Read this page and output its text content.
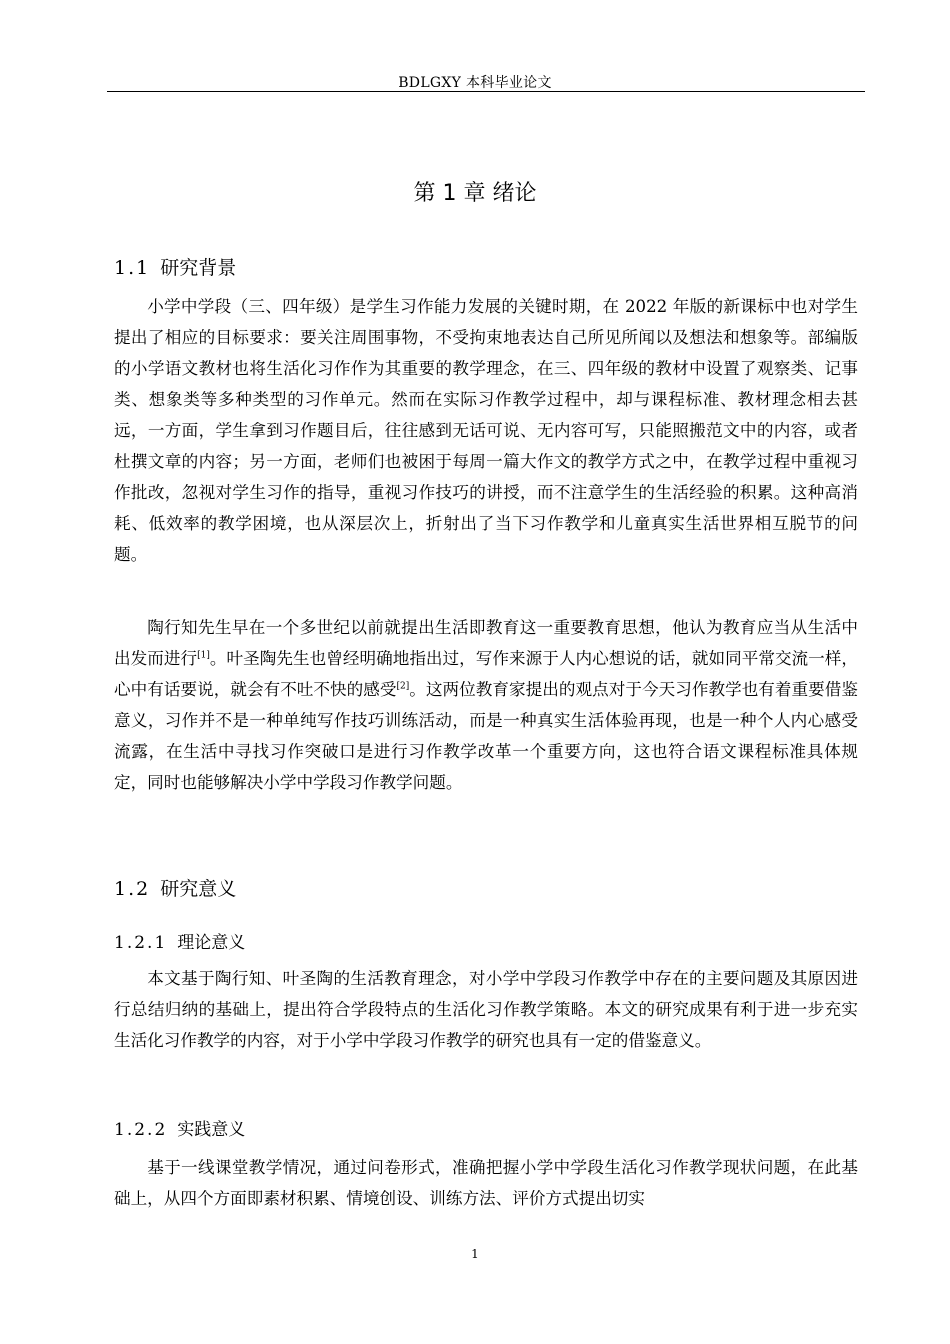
BDLGXY 本科毕业论文
第 1 章 绪论
1.1 研究背景
小学中学段（三、四年级）是学生习作能力发展的关键时期，在 2022 年版的新课标中也对学生提出了相应的目标要求：要关注周围事物，不受拘束地表达自己所见所闻以及想法和想象等。部编版的小学语文教材也将生活化习作作为其重要的教学理念，在三、四年级的教材中设置了观察类、记事类、想象类等多种类型的习作单元。然而在实际习作教学过程中，却与课程标准、教材理念相去甚远，一方面，学生拿到习作题目后，往往感到无话可说、无内容可写，只能照搬范文中的内容，或者杜撰文章的内容；另一方面，老师们也被困于每周一篇大作文的教学方式之中，在教学过程中重视习作批改，忽视对学生习作的指导，重视习作技巧的讲授，而不注意学生的生活经验的积累。这种高消耗、低效率的教学困境，也从深层次上，折射出了当下习作教学和儿童真实生活世界相互脱节的问题。
陶行知先生早在一个多世纪以前就提出生活即教育这一重要教育思想，他认为教育应当从生活中出发而进行[1]。叶圣陶先生也曾经明确地指出过，写作来源于人内心想说的话，就如同平常交流一样，心中有话要说，就会有不吐不快的感受[2]。这两位教育家提出的观点对于今天习作教学也有着重要借鉴意义，习作并不是一种单纯写作技巧训练活动，而是一种真实生活体验再现，也是一种个人内心感受流露，在生活中寻找习作突破口是进行习作教学改革一个重要方向，这也符合语文课程标准具体规定，同时也能够解决小学中学段习作教学问题。
1.2 研究意义
1.2.1 理论意义
本文基于陶行知、叶圣陶的生活教育理念，对小学中学段习作教学中存在的主要问题及其原因进行总结归纳的基础上，提出符合学段特点的生活化习作教学策略。本文的研究成果有利于进一步充实生活化习作教学的内容，对于小学中学段习作教学的研究也具有一定的借鉴意义。
1.2.2 实践意义
基于一线课堂教学情况，通过问卷形式，准确把握小学中学段生活化习作教学现状问题，在此基础上，从四个方面即素材积累、情境创设、训练方法、评价方式提出切实
1
